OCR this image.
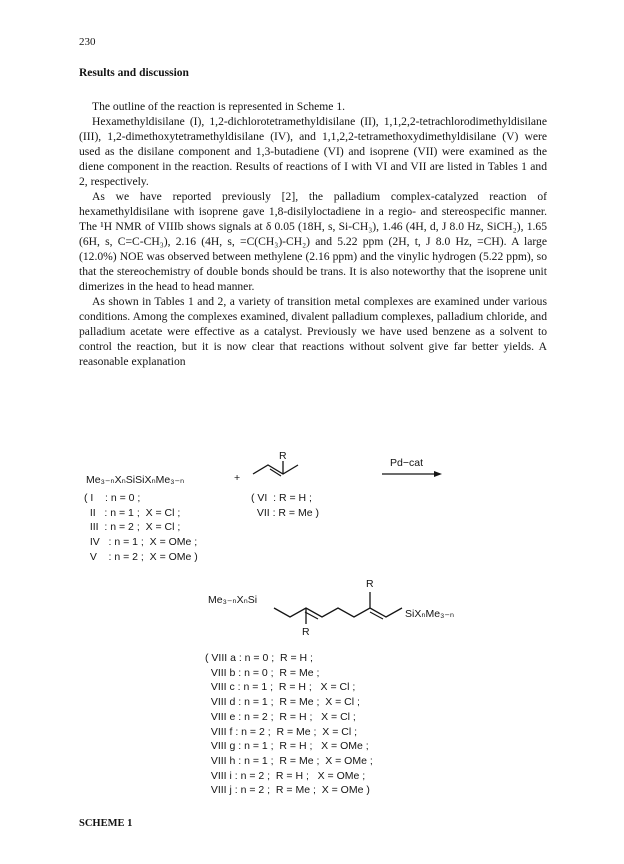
230
Results and discussion

The outline of the reaction is represented in Scheme 1.

Hexamethyldisilane (I), 1,2-dichlorotetramethyldisilane (II), 1,1,2,2-tetrachlorodimethyldisilane (III), 1,2-dimethoxytetramethyldisilane (IV), and 1,1,2,2-tetramethoxydimethyldisilane (V) were used as the disilane component and 1,3-butadiene (VI) and isoprene (VII) were examined as the diene component in the reaction. Results of reactions of I with VI and VII are listed in Tables 1 and 2, respectively.

As we have reported previously [2], the palladium complex-catalyzed reaction of hexamethyldisilane with isoprene gave 1,8-disilyloctadiene in a regio- and stereospecific manner. The ¹H NMR of VIIIb shows signals at δ 0.05 (18H, s, Si-CH₃), 1.46 (4H, d, J 8.0 Hz, SiCH₂), 1.65 (6H, s, C=C-CH₃), 2.16 (4H, s, =C(CH₃)-CH₂) and 5.22 ppm (2H, t, J 8.0 Hz, =CH). A large (12.0%) NOE was observed between methylene (2.16 ppm) and the vinylic hydrogen (5.22 ppm), so that the stereochemistry of double bonds should be trans. It is also noteworthy that the isoprene unit dimerizes in the head to head manner.

As shown in Tables 1 and 2, a variety of transition metal complexes are examined under various conditions. Among the complexes examined, divalent palladium complexes, palladium chloride, and palladium acetate were effective as a catalyst. Previously we have used benzene as a solvent to control the reaction, but it is now clear that reactions without solvent give far better yields. A reasonable explanation

Me₃₋ₙXₙSiSiXₙMe₃₋ₙ	+
R
Pd−cat
( I    : n = 0 ;
II   : n = 1 ;  X = Cl ;
III  : n = 2 ;  X = Cl ;
IV   : n = 1 ;  X = OMe ;
V    : n = 2 ;  X = OMe )
( VI  : R = H ;
VII : R = Me )
Me₃₋ₙXₙSi
SiXₙMe₃₋ₙ
R
R
( VIII a : n = 0 ;  R = H ;
VIII b : n = 0 ;  R = Me ;
VIII c : n = 1 ;  R = H ;   X = Cl ;
VIII d : n = 1 ;  R = Me ;  X = Cl ;
VIII e : n = 2 ;  R = H ;   X = Cl ;
VIII f : n = 2 ;  R = Me ;  X = Cl ;
VIII g : n = 1 ;  R = H ;   X = OMe ;
VIII h : n = 1 ;  R = Me ;  X = OMe ;
VIII i : n = 2 ;  R = H ;   X = OMe ;
VIII j : n = 2 ;  R = Me ;  X = OMe )
SCHEME 1
